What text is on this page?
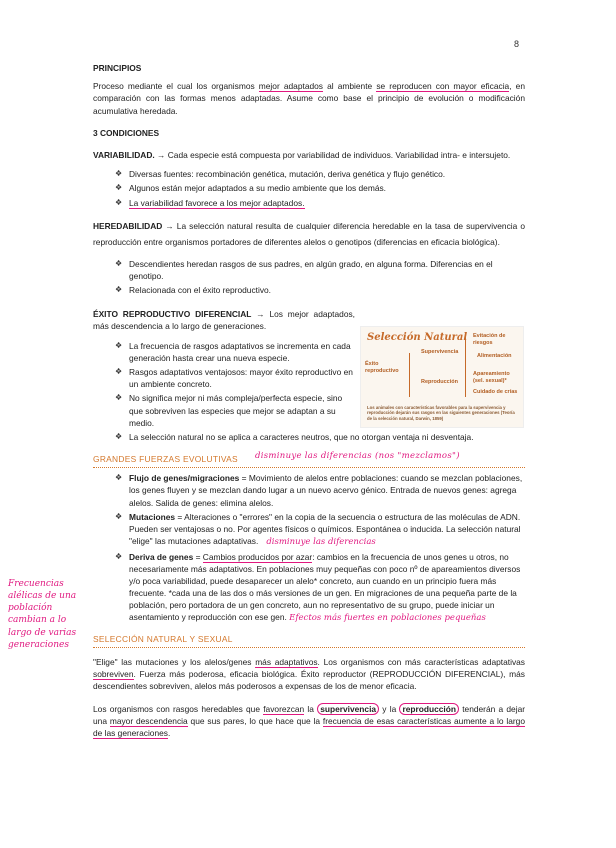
8
PRINCIPIOS

Proceso mediante el cual los organismos mejor adaptados al ambiente se reproducen con mayor eficacia, en comparación con las formas menos adaptadas. Asume como base el principio de evolución o modificación acumulativa heredada.

3 CONDICIONES

VARIABILIDAD. → Cada especie está compuesta por variabilidad de individuos. Variabilidad intra- e intersujeto.

❖ Diversas fuentes: recombinación genética, mutación, deriva genética y flujo genético.
❖ Algunos están mejor adaptados a su medio ambiente que los demás.
❖ La variabilidad favorece a los mejor adaptados.

HEREDABILIDAD → La selección natural resulta de cualquier diferencia heredable en la tasa de supervivencia o reproducción entre organismos portadores de diferentes alelos o genotipos (diferencias en eficacia biológica).

❖ Descendientes heredan rasgos de sus padres, en algún grado, en alguna forma. Diferencias en el genotipo.
❖ Relacionada con el éxito reproductivo.

ÉXITO REPRODUCTIVO DIFERENCIAL → Los mejor adaptados, más descendencia a lo largo de generaciones.

❖ La frecuencia de rasgos adaptativos se incrementa en cada generación hasta crear una nueva especie.
❖ Rasgos adaptativos ventajosos: mayor éxito reproductivo en un ambiente concreto.
❖ No significa mejor ni más compleja/perfecta especie, sino que sobreviven las especies que mejor se adaptan a su medio.
❖ La selección natural no se aplica a caracteres neutros, que no otorgan ventaja ni desventaja.
GRANDES FUERZAS EVOLUTIVAS disminuye las diferencias (nos "mezclamos")
❖ Flujo de genes/migraciones = Movimiento de alelos entre poblaciones: cuando se mezclan poblaciones, los genes fluyen y se mezclan dando lugar a un nuevo acervo génico. Entrada de nuevos genes: agrega alelos. Salida de genes: elimina alelos.
❖ Mutaciones = Alteraciones o "errores" en la copia de la secuencia o estructura de las moléculas de ADN. Pueden ser ventajosas o no. Por agentes físicos o químicos. Espontánea o inducida. La selección natural "elige" las mutaciones adaptativas. disminuye las diferencias
❖ Deriva de genes = Cambios producidos por azar: cambios en la frecuencia de unos genes u otros, no necesariamente más adaptativos. En poblaciones muy pequeñas con poco nº de apareamientos diversos y/o poca variabilidad, puede desaparecer un alelo* concreto, aun cuando en un principio fuera más frecuente. *cada una de las dos o más versiones de un gen. En migraciones de una pequeña parte de la población, pero portadora de un gen concreto, aun no representativo de su grupo, puede iniciar un asentamiento y reproducción con ese gen. Efectos más fuertes en poblaciones pequeñas
SELECCIÓN NATURAL Y SEXUAL

"Elige" las mutaciones y los alelos/genes más adaptativos. Los organismos con más características adaptativas sobreviven. Fuerza más poderosa, eficacia biológica. Éxito reproductor (REPRODUCCIÓN DIFERENCIAL), más descendientes sobreviven, alelos más poderosos a expensas de los de menor eficacia.

Los organismos con rasgos heredables que favorezcan la supervivencia y la reproducción tenderán a dejar una mayor descendencia que sus pares, lo que hace que la frecuencia de esas características aumente a lo largo de las generaciones.

Selección Natural
Éxito
reproductivo
Supervivencia
Reproducción
Evitación de
riesgos
Alimentación
Apareamiento
(sel. sexual)*
Cuidado de crías
Los animales con características favorables para la supervivencia y reproducción dejarán sus rasgos en las siguientes generaciones (Teoría de la selección natural, Darwin, 1859)
Frecuencias alélicas de una población cambian a lo largo de varias generaciones
